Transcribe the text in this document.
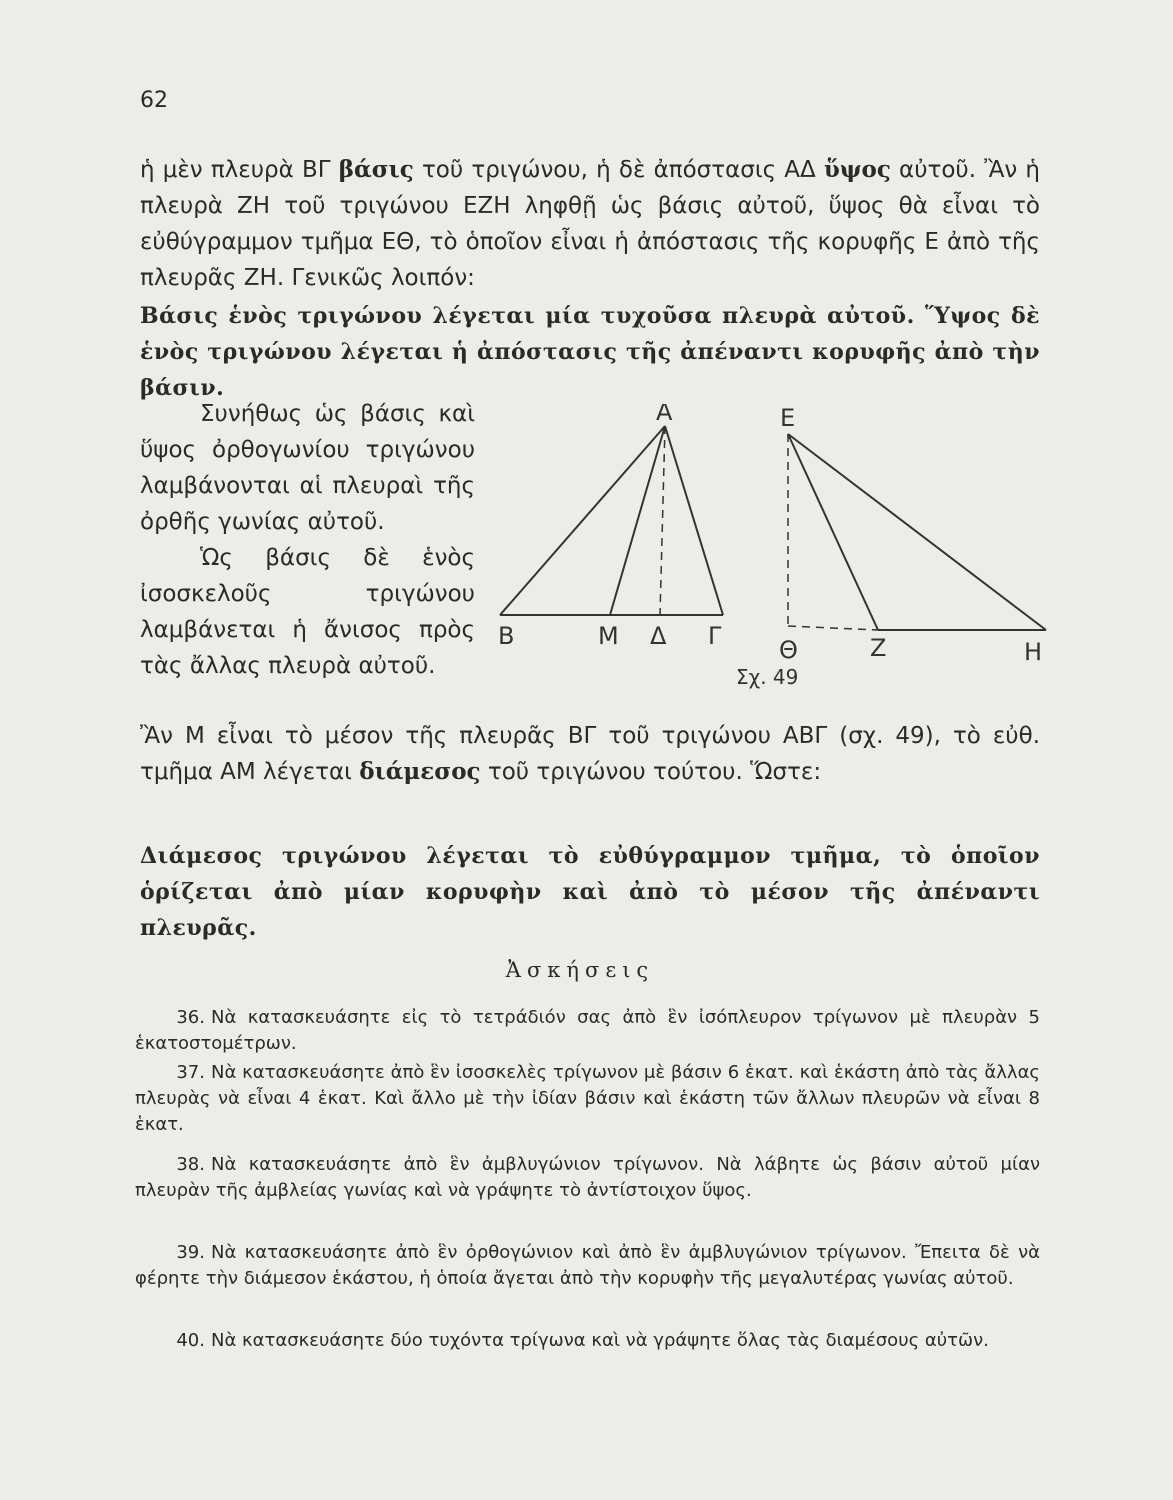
62
ἡ μὲν πλευρὰ ΒΓ βάσις τοῦ τριγώνου, ἡ δὲ ἀπόστασις ΑΔ ὕψος αὐτοῦ. Ἂν ἡ πλευρὰ ΖΗ τοῦ τριγώνου ΕΖΗ ληφθῇ ὡς βάσις αὐτοῦ, ὕψος θὰ εἶναι τὸ εὐθύγραμμον τμῆμα ΕΘ, τὸ ὁποῖον εἶναι ἡ ἀπόστασις τῆς κορυφῆς Ε ἀπὸ τῆς πλευρᾶς ΖΗ. Γενικῶς λοιπόν:
Βάσις ἑνὸς τριγώνου λέγεται μία τυχοῦσα πλευρὰ αὐτοῦ. Ὕψος δὲ ἑνὸς τριγώνου λέγεται ἡ ἀπόστασις τῆς ἀπέναντι κορυφῆς ἀπὸ τὴν βάσιν.

Συνήθως ὡς βάσις καὶ ὕψος ὀρθογωνίου τριγώνου λαμβάνονται αἱ πλευραὶ τῆς ὀρθῆς γωνίας αὐτοῦ.

Ὡς βάσις δὲ ἑνὸς ἰσοσκελοῦς τριγώνου λαμβάνεται ἡ ἄνισος πρὸς τὰς ἄλλας πλευρὰ αὐτοῦ.

Α
Β	Μ Δ Γ
Ε
Θ	Ζ	Η
Σχ. 49
Ἂν Μ εἶναι τὸ μέσον τῆς πλευρᾶς ΒΓ τοῦ τριγώνου ΑΒΓ (σχ. 49), τὸ εὐθ. τμῆμα ΑΜ λέγεται διάμεσος τοῦ τριγώνου τούτου. Ὥστε:
Διάμεσος τριγώνου λέγεται τὸ εὐθύγραμμον τμῆμα, τὸ ὁποῖον ὁρίζεται ἀπὸ μίαν κορυφὴν καὶ ἀπὸ τὸ μέσον τῆς ἀπέναντι πλευρᾶς.
Ἀσκήσεις
36. Νὰ κατασκευάσητε εἰς τὸ τετράδιόν σας ἀπὸ ἓν ἰσόπλευρον τρίγωνον μὲ πλευρὰν 5 ἑκατοστομέτρων.
37. Νὰ κατασκευάσητε ἀπὸ ἓν ἰσοσκελὲς τρίγωνον μὲ βάσιν 6 ἑκατ. καὶ ἑκάστη ἀπὸ τὰς ἄλλας πλευρὰς νὰ εἶναι 4 ἑκατ. Καὶ ἄλλο μὲ τὴν ἰδίαν βάσιν καὶ ἑκάστη τῶν ἄλλων πλευρῶν νὰ εἶναι 8 ἑκατ.
38. Νὰ κατασκευάσητε ἀπὸ ἓν ἀμβλυγώνιον τρίγωνον. Νὰ λάβητε ὡς βάσιν αὐτοῦ μίαν πλευρὰν τῆς ἀμβλείας γωνίας καὶ νὰ γράψητε τὸ ἀντίστοιχον ὕψος.
39. Νὰ κατασκευάσητε ἀπὸ ἓν ὀρθογώνιον καὶ ἀπὸ ἓν ἀμβλυγώνιον τρίγωνον. Ἔπειτα δὲ νὰ φέρητε τὴν διάμεσον ἑκάστου, ἡ ὁποία ἄγεται ἀπὸ τὴν κορυφὴν τῆς μεγαλυτέρας γωνίας αὐτοῦ.
40. Νὰ κατασκευάσητε δύο τυχόντα τρίγωνα καὶ νὰ γράψητε ὅλας τὰς διαμέσους αὐτῶν.
